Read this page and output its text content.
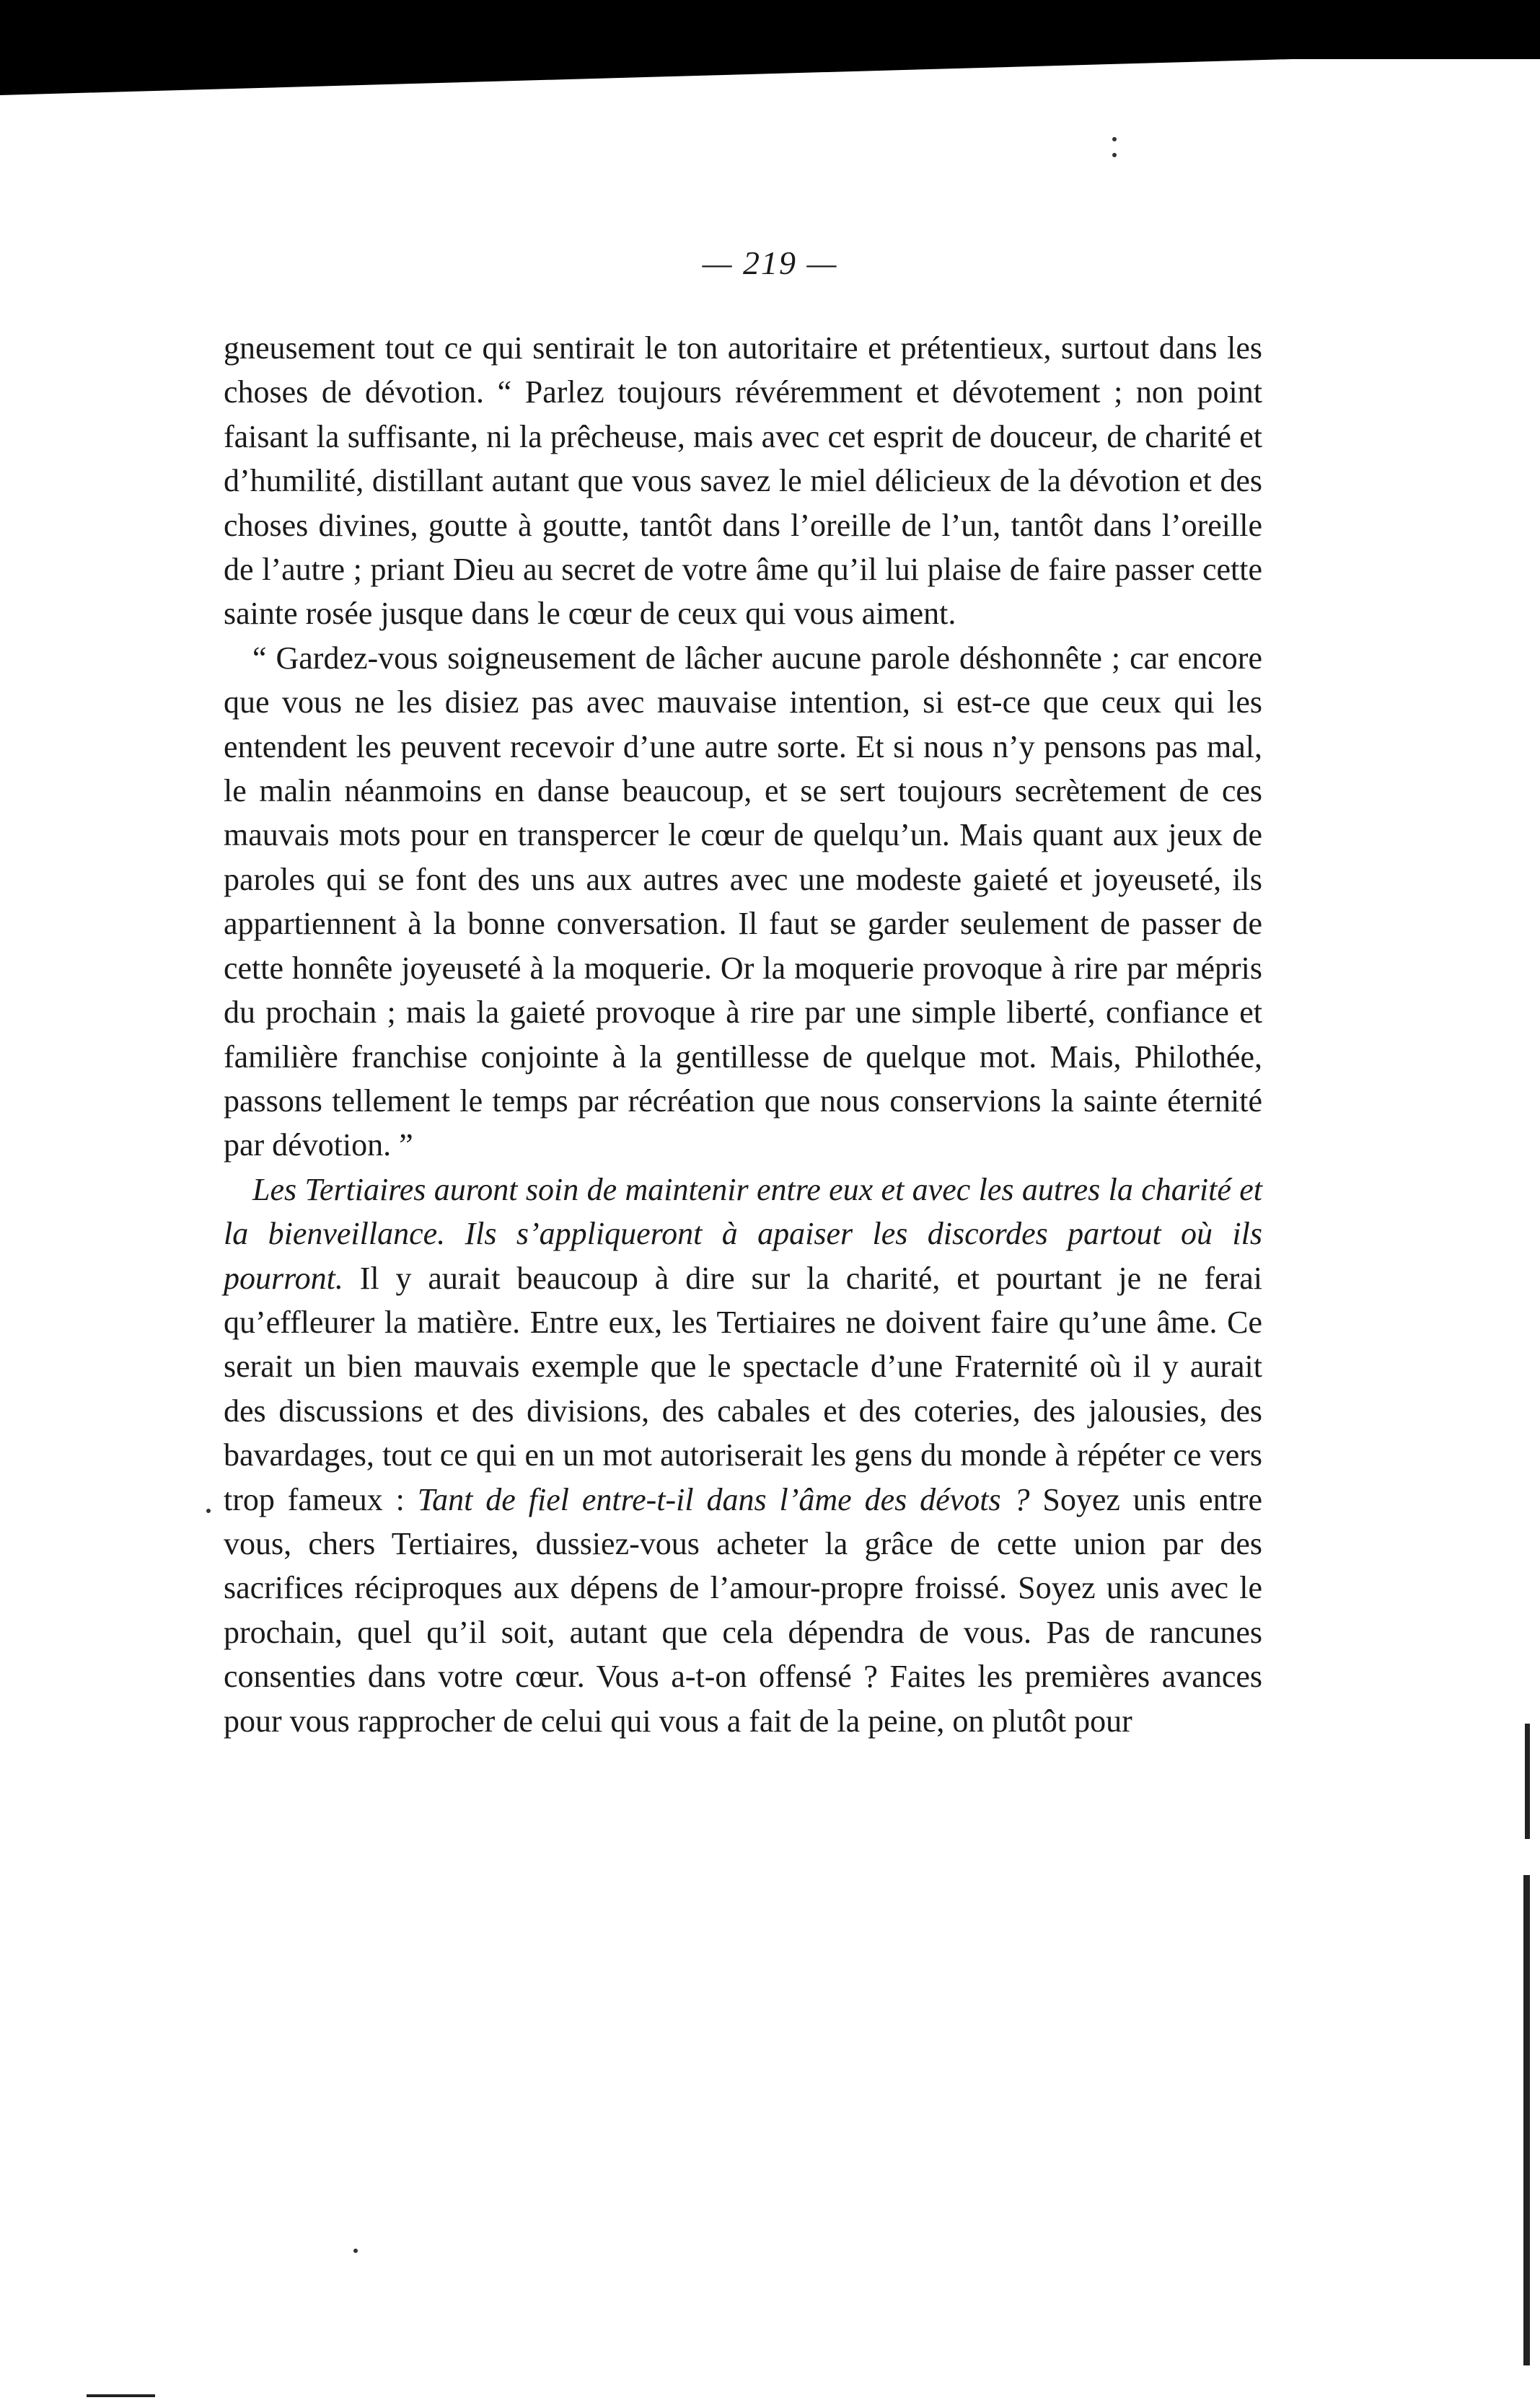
— 219 —

gneusement tout ce qui sentirait le ton autoritaire et prétentieux, surtout dans les choses de dévotion. “ Parlez toujours révéremment et dévotement ; non point faisant la suffisante, ni la prêcheuse, mais avec cet esprit de douceur, de charité et d’humilité, distillant autant que vous savez le miel délicieux de la dévotion et des choses divines, goutte à goutte, tantôt dans l’oreille de l’un, tantôt dans l’oreille de l’autre ; priant Dieu au secret de votre âme qu’il lui plaise de faire passer cette sainte rosée jusque dans le cœur de ceux qui vous aiment.

“ Gardez-vous soigneusement de lâcher aucune parole déshonnête ; car encore que vous ne les disiez pas avec mauvaise intention, si est-ce que ceux qui les entendent les peuvent recevoir d’une autre sorte. Et si nous n’y pensons pas mal, le malin néanmoins en danse beaucoup, et se sert toujours secrètement de ces mauvais mots pour en transpercer le cœur de quelqu’un. Mais quant aux jeux de paroles qui se font des uns aux autres avec une modeste gaieté et joyeuseté, ils appartiennent à la bonne conversation. Il faut se garder seulement de passer de cette honnête joyeuseté à la moquerie. Or la moquerie provoque à rire par mépris du prochain ; mais la gaieté provoque à rire par une simple liberté, confiance et familière franchise conjointe à la gentillesse de quelque mot. Mais, Philothée, passons tellement le temps par récréation que nous conservions la sainte éternité par dévotion. ”

Les Tertiaires auront soin de maintenir entre eux et avec les autres la charité et la bienveillance. Ils s’appliqueront à apaiser les discordes partout où ils pourront. Il y aurait beaucoup à dire sur la charité, et pourtant je ne ferai qu’effleurer la matière. Entre eux, les Tertiaires ne doivent faire qu’une âme. Ce serait un bien mauvais exemple que le spectacle d’une Fraternité où il y aurait des discussions et des divisions, des cabales et des coteries, des jalousies, des bavardages, tout ce qui en un mot autoriserait les gens du monde à répéter ce vers trop fameux : Tant de fiel entre-t-il dans l’âme des dévots ? Soyez unis entre vous, chers Tertiaires, dussiez-vous acheter la grâce de cette union par des sacrifices réciproques aux dépens de l’amour-propre froissé. Soyez unis avec le prochain, quel qu’il soit, autant que cela dépendra de vous. Pas de rancunes consenties dans votre cœur. Vous a-t-on offensé ? Faites les premières avances pour vous rapprocher de celui qui vous a fait de la peine, on plutôt pour
